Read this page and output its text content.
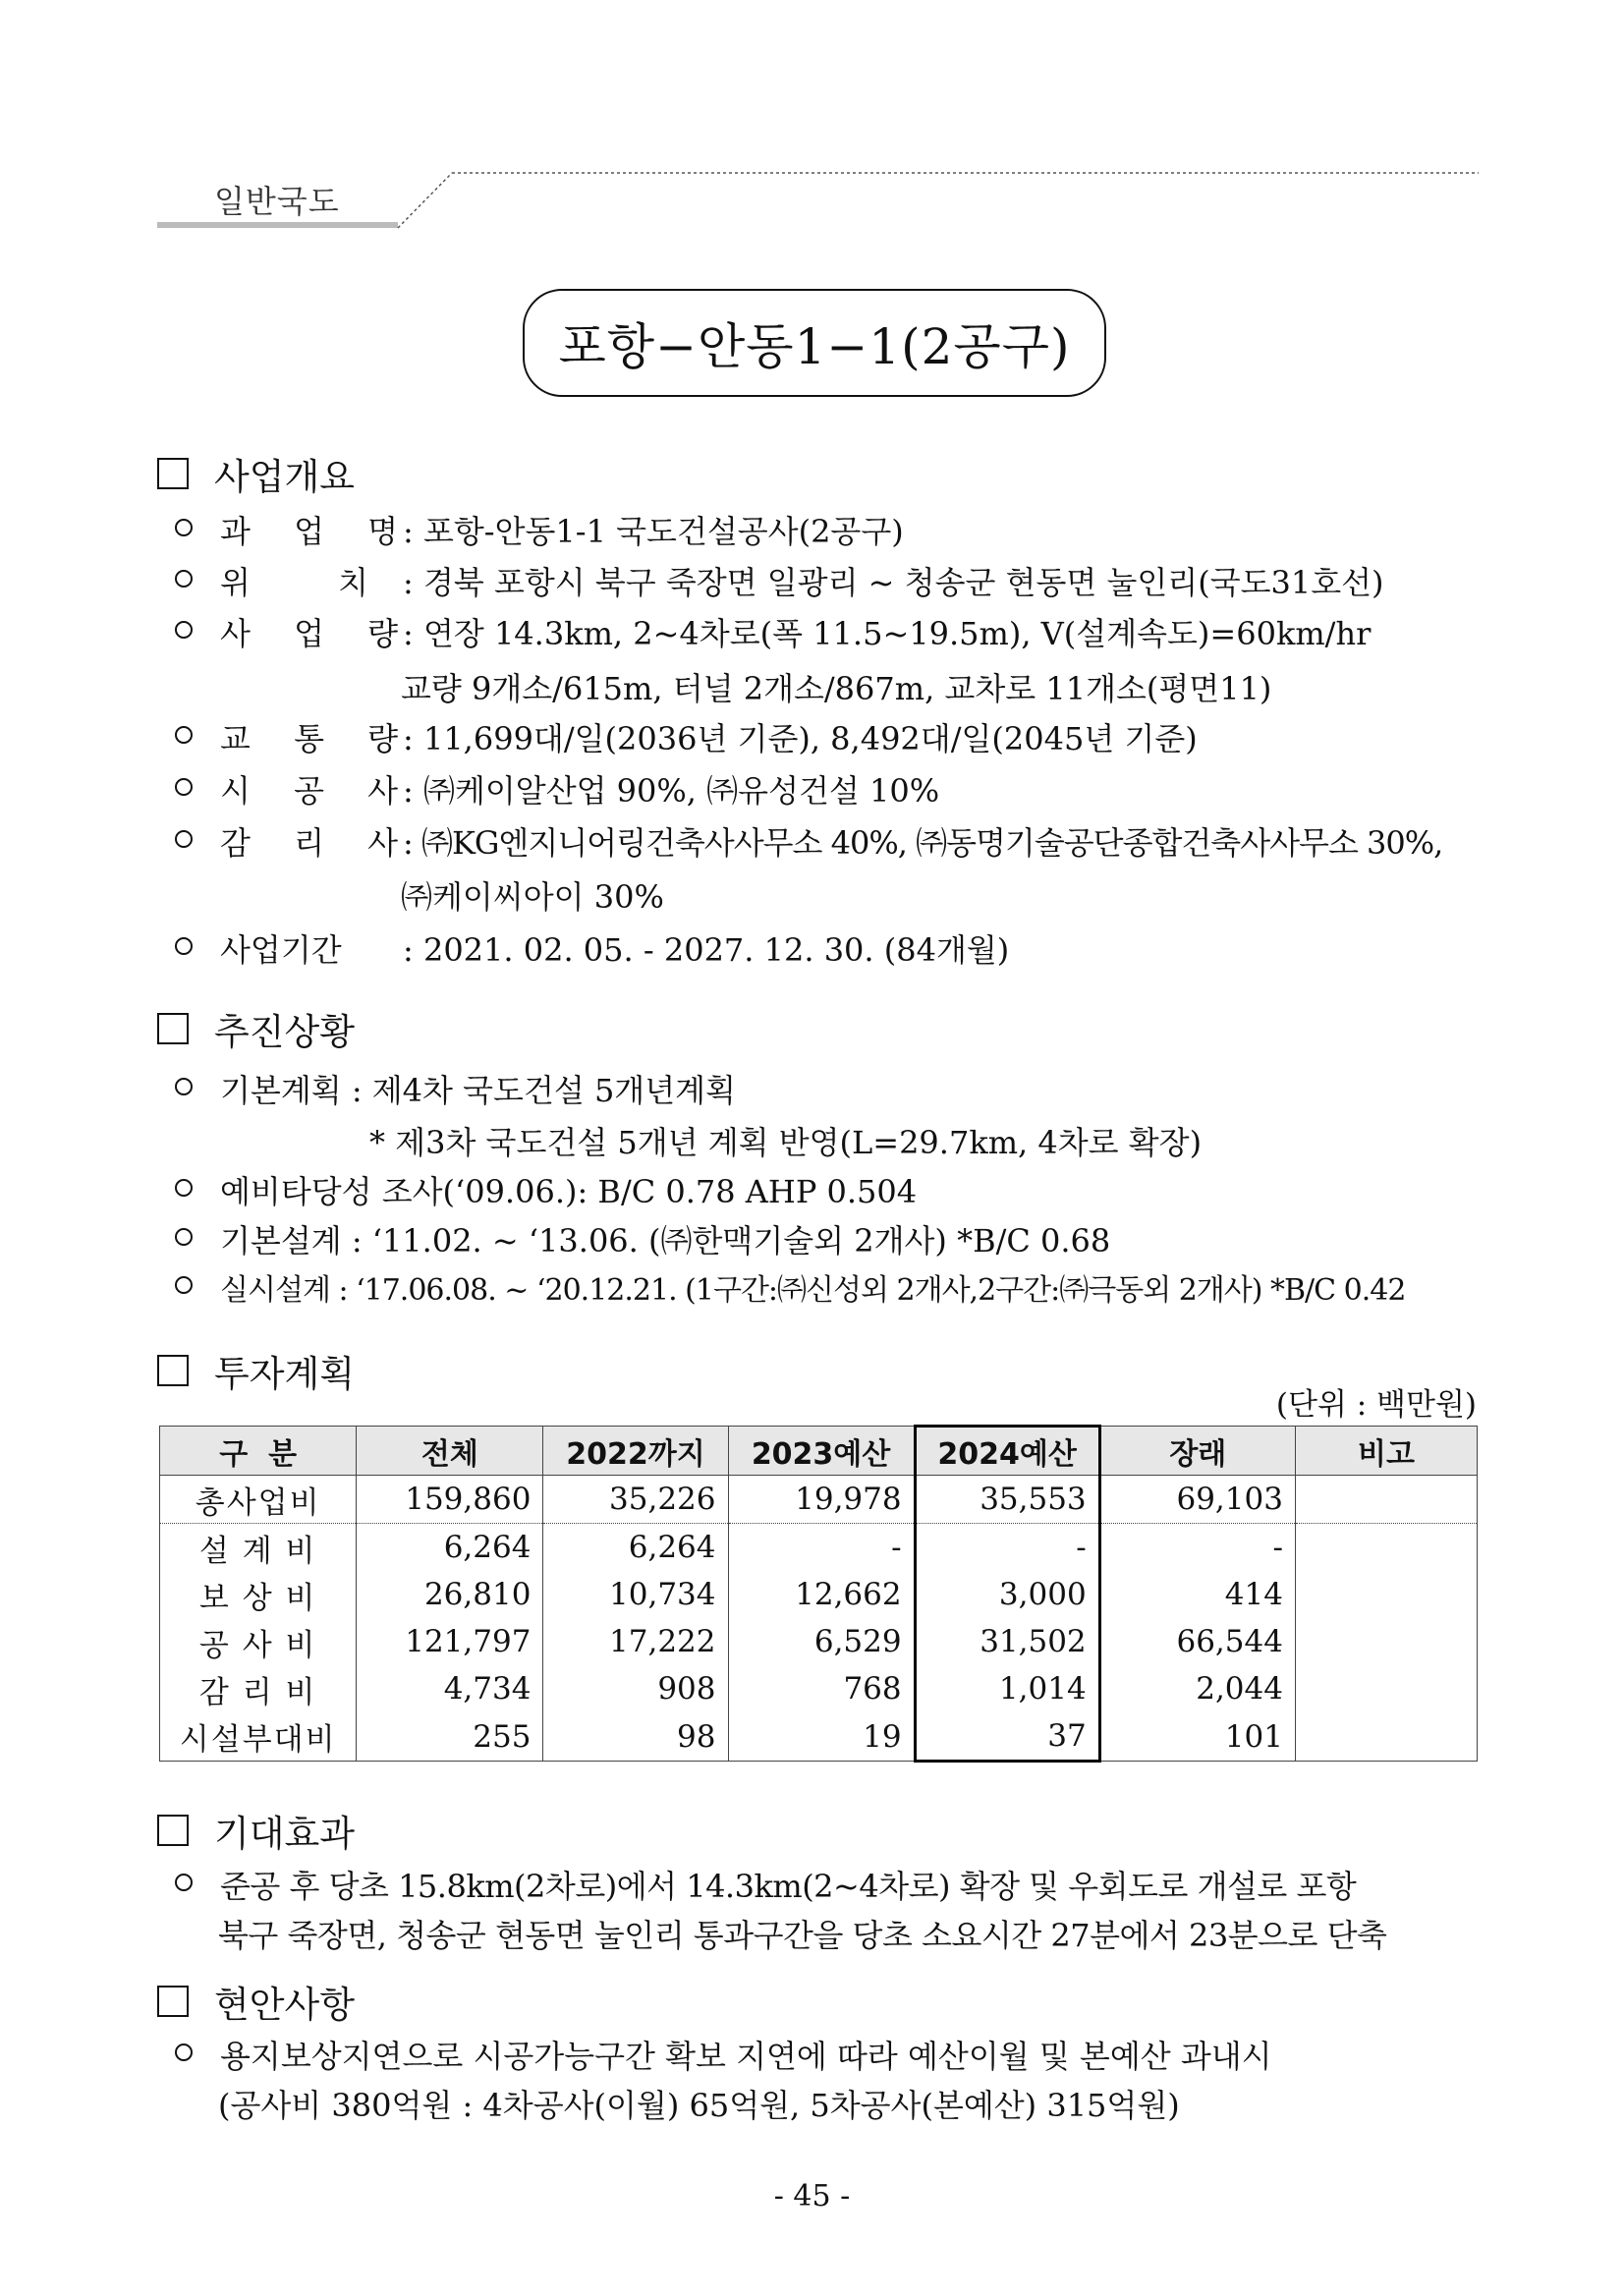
일반국도
포항−안동1−1(2공구)
사업개요
과 업 명
: 포항-안동1-1 국도건설공사(2공구)
위      치 : 경북 포항시 북구 죽장면 일광리 ~ 청송군 현동면 눌인리(국도31호선)
사 업 량
: 연장 14.3km, 2~4차로(폭 11.5~19.5m), V(설계속도)=60km/hr
교량 9개소/615m, 터널 2개소/867m, 교차로 11개소(평면11)
교 통 량
: 11,699대/일(2036년 기준), 8,492대/일(2045년 기준)
시 공 사
: ㈜케이알산업 90%, ㈜유성건설 10%
감 리 사
: ㈜KG엔지니어링건축사사무소 40%, ㈜동명기술공단종합건축사사무소 30%,
㈜케이씨아이 30%
사업기간	: 2021. 02. 05. - 2027. 12. 30. (84개월)
추진상황
기본계획 : 제4차 국도건설 5개년계획
* 제3차 국도건설 5개년 계획 반영(L=29.7km, 4차로 확장)
예비타당성 조사(‘09.06.): B/C 0.78 AHP 0.504
기본설계 : ‘11.02. ~ ‘13.06. (㈜한맥기술외 2개사) *B/C 0.68
실시설계 : ‘17.06.08. ~ ‘20.12.21. (1구간:㈜신성외 2개사,2구간:㈜극동외 2개사) *B/C 0.42
투자계획
(단위 : 백만원)
구  분	전체	2022까지	2023예산	2024예산	장래	비고
총사업비	159,860	35,226	19,978	35,553	69,103	
설 계 비	6,264	6,264	-	-	-	
보 상 비	26,810	10,734	12,662	3,000	414	
공 사 비	121,797	17,222	6,529	31,502	66,544	
감 리 비	4,734	908	768	1,014	2,044	
시설부대비	255	98	19	37	101	
기대효과
준공 후 당초 15.8km(2차로)에서 14.3km(2~4차로) 확장 및 우회도로 개설로 포항
북구 죽장면, 청송군 현동면 눌인리 통과구간을 당초 소요시간 27분에서 23분으로 단축
현안사항
용지보상지연으로 시공가능구간 확보 지연에 따라 예산이월 및 본예산 과내시
(공사비 380억원 : 4차공사(이월) 65억원, 5차공사(본예산) 315억원)
- 45 -
